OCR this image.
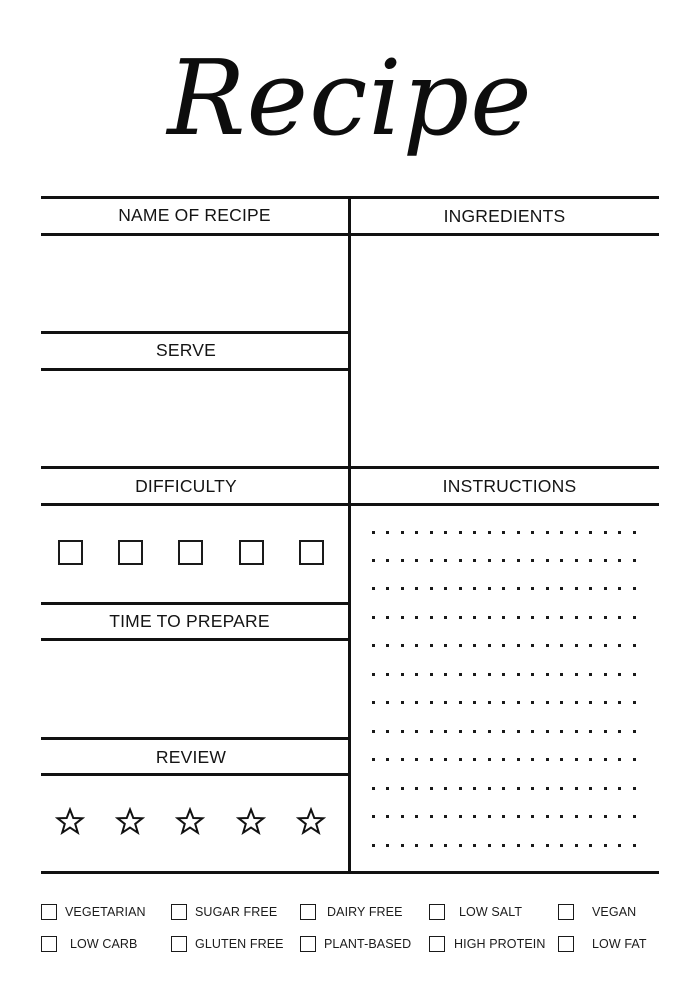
Recipe
NAME OF RECIPE	INGREDIENTS
SERVE
DIFFICULTY	INSTRUCTIONS
TIME TO PREPARE
REVIEW
VEGETARIAN	SUGAR FREE	DAIRY FREE	LOW SALT	VEGAN
LOW CARB	GLUTEN FREE	PLANT-BASED	HIGH PROTEIN	LOW FAT
